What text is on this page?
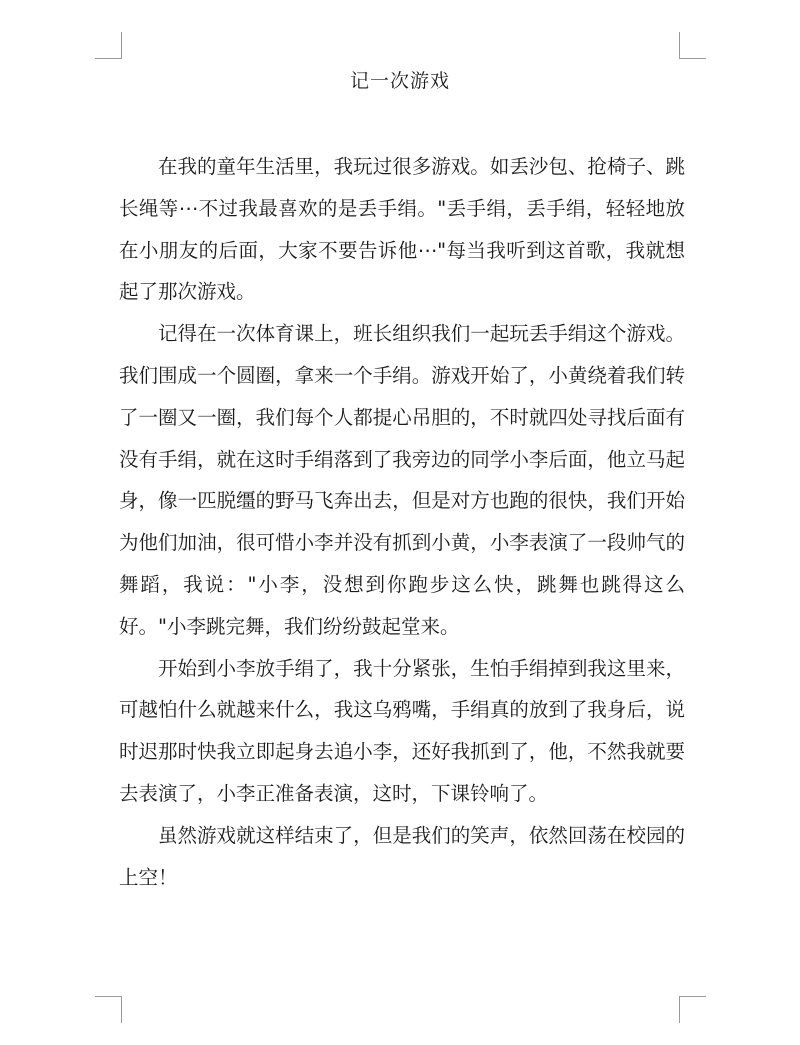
记一次游戏

在我的童年生活里，我玩过很多游戏。如丢沙包、抢椅子、跳长绳等⋯不过我最喜欢的是丢手绢。"丢手绢，丢手绢，轻轻地放在小朋友的后面，大家不要告诉他⋯"每当我听到这首歌，我就想起了那次游戏。

记得在一次体育课上，班长组织我们一起玩丢手绢这个游戏。我们围成一个圆圈，拿来一个手绢。游戏开始了，小黄绕着我们转了一圈又一圈，我们每个人都提心吊胆的，不时就四处寻找后面有没有手绢，就在这时手绢落到了我旁边的同学小李后面，他立马起身，像一匹脱缰的野马飞奔出去，但是对方也跑的很快，我们开始为他们加油，很可惜小李并没有抓到小黄，小李表演了一段帅气的舞蹈，我说："小李，没想到你跑步这么快，跳舞也跳得这么好。"小李跳完舞，我们纷纷鼓起堂来。

开始到小李放手绢了，我十分紧张，生怕手绢掉到我这里来，可越怕什么就越来什么，我这乌鸦嘴，手绢真的放到了我身后，说时迟那时快我立即起身去追小李，还好我抓到了，他，不然我就要去表演了，小李正准备表演，这时，下课铃响了。

虽然游戏就这样结束了，但是我们的笑声，依然回荡在校园的上空！
